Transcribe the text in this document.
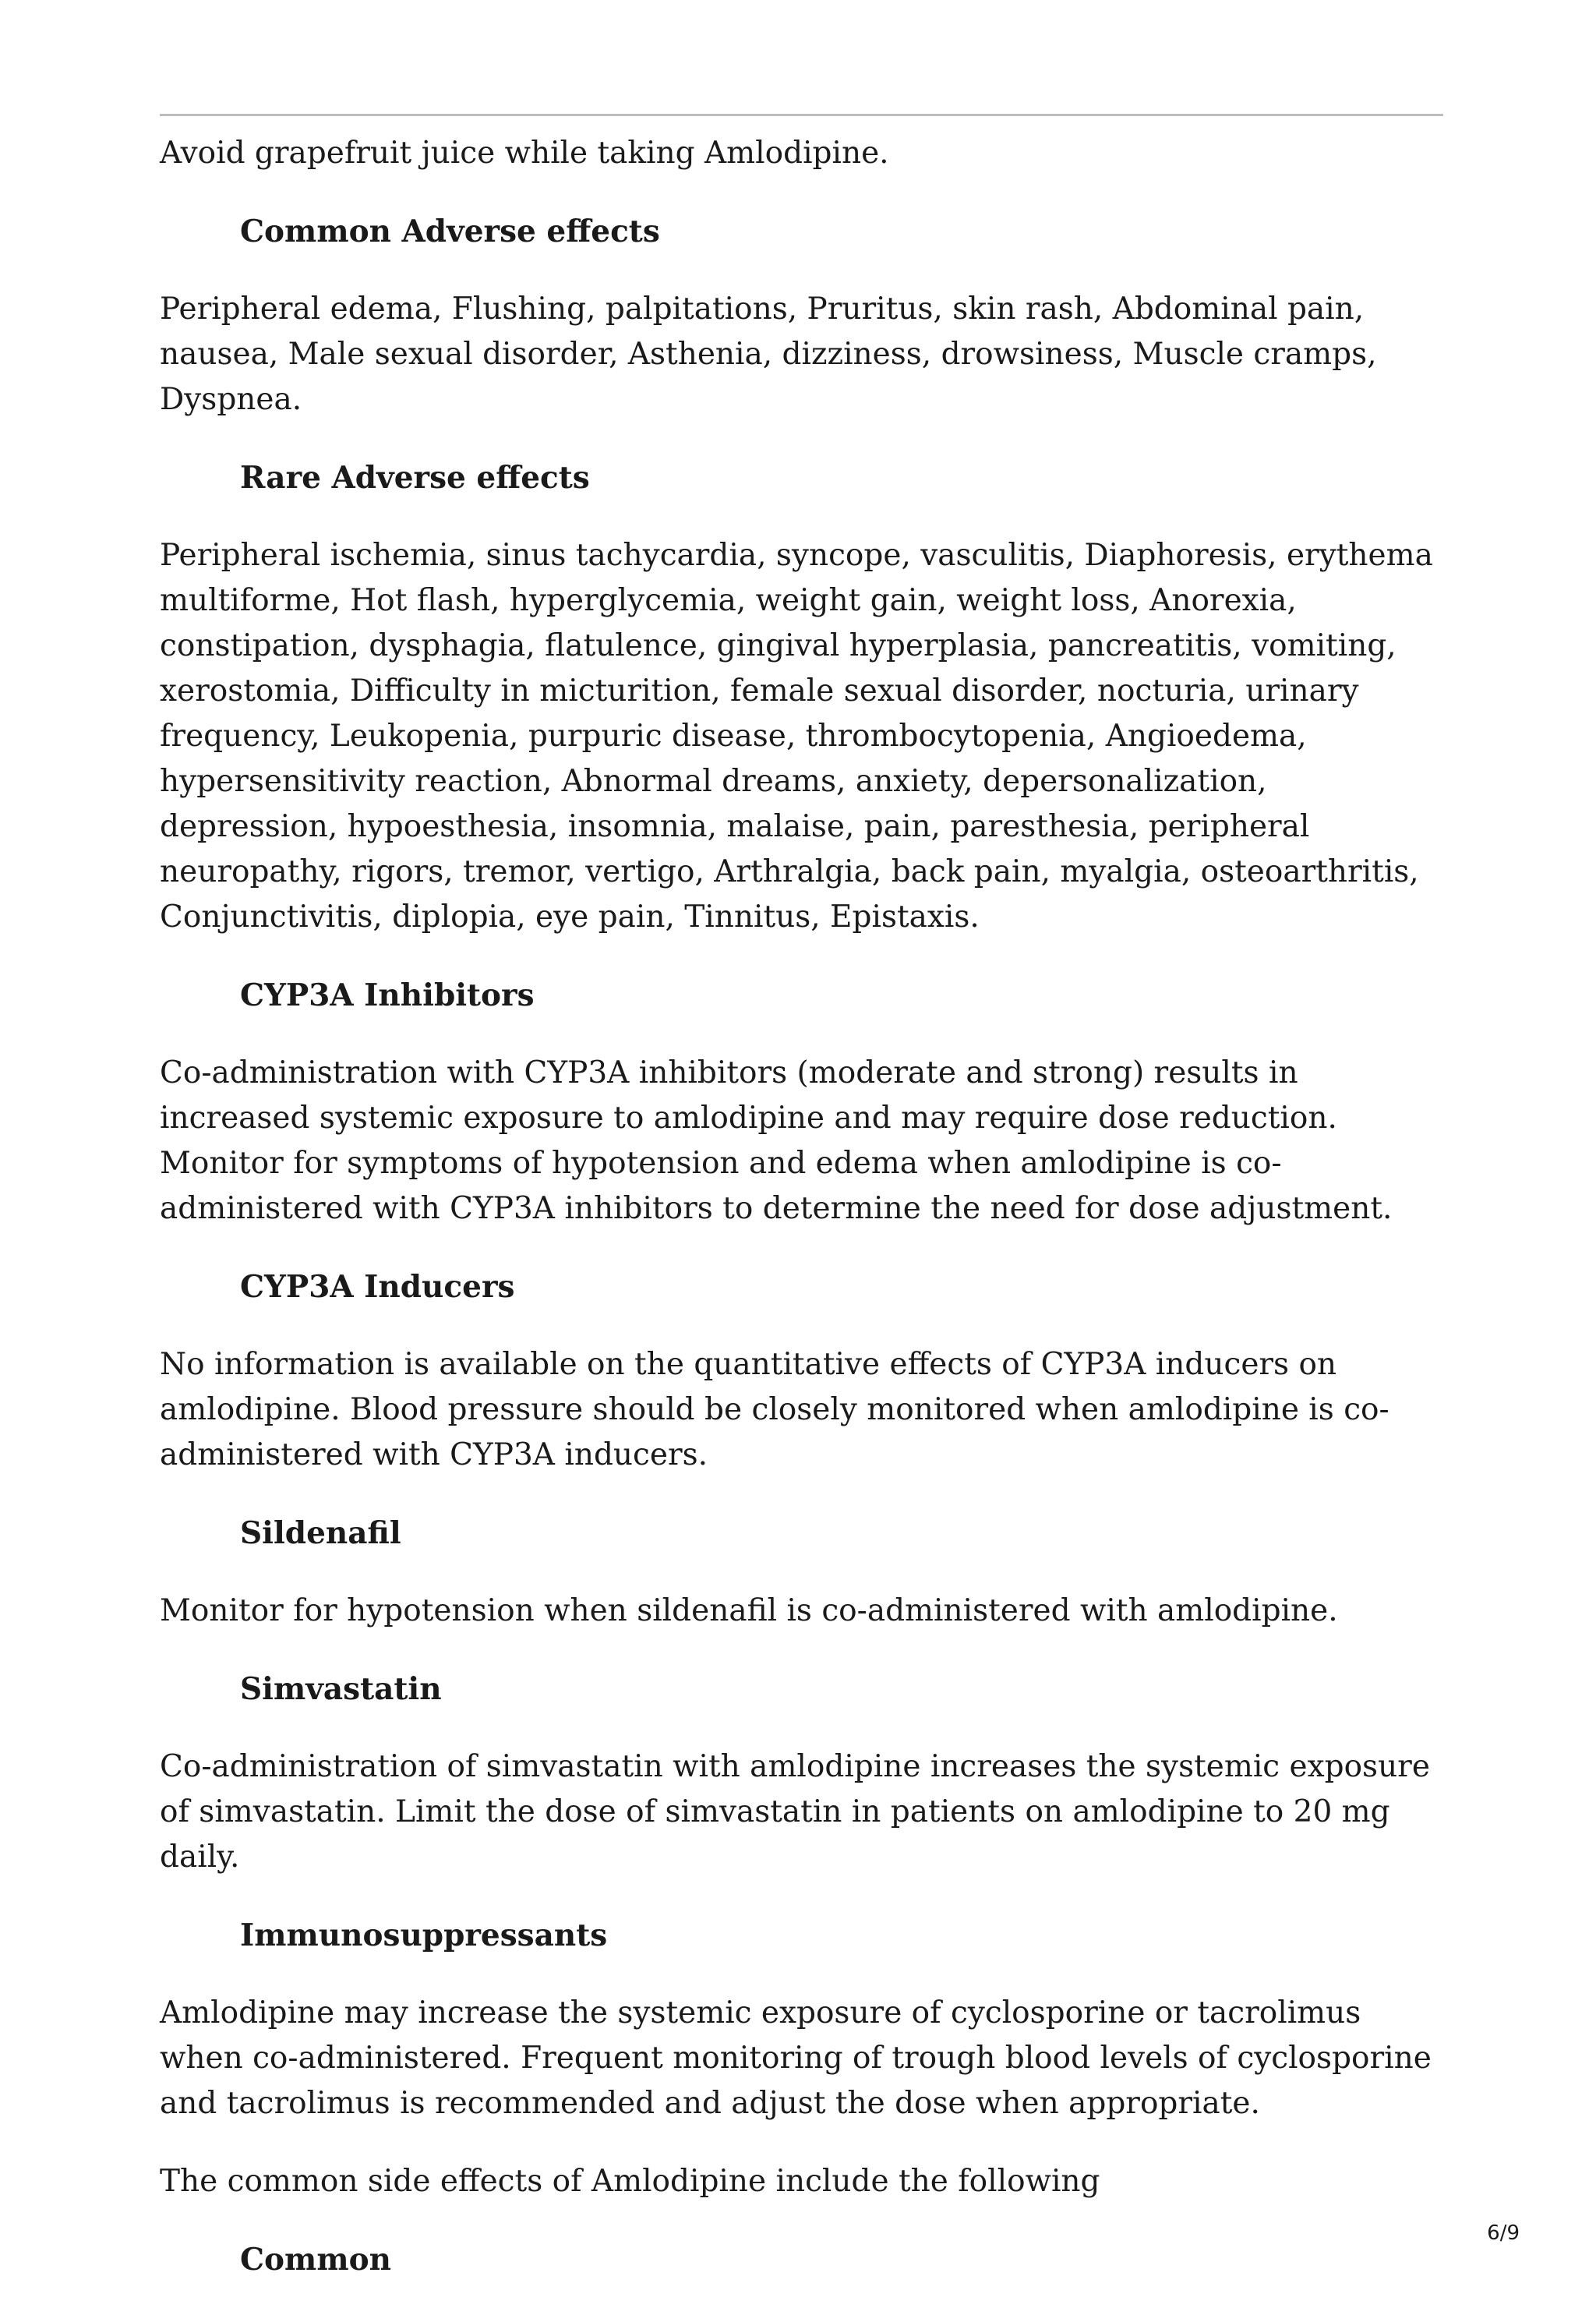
Avoid grapefruit juice while taking Amlodipine.

Common Adverse effects

Peripheral edema, Flushing, palpitations, Pruritus, skin rash, Abdominal pain, nausea, Male sexual disorder, Asthenia, dizziness, drowsiness, Muscle cramps, Dyspnea.

Rare Adverse effects

Peripheral ischemia, sinus tachycardia, syncope, vasculitis, Diaphoresis, erythema multiforme, Hot flash, hyperglycemia, weight gain, weight loss, Anorexia, constipation, dysphagia, flatulence, gingival hyperplasia, pancreatitis, vomiting, xerostomia, Difficulty in micturition, female sexual disorder, nocturia, urinary frequency, Leukopenia, purpuric disease, thrombocytopenia, Angioedema, hypersensitivity reaction, Abnormal dreams, anxiety, depersonalization, depression, hypoesthesia, insomnia, malaise, pain, paresthesia, peripheral neuropathy, rigors, tremor, vertigo, Arthralgia, back pain, myalgia, osteoarthritis, Conjunctivitis, diplopia, eye pain, Tinnitus, Epistaxis.

CYP3A Inhibitors

Co-administration with CYP3A inhibitors (moderate and strong) results in increased systemic exposure to amlodipine and may require dose reduction. Monitor for symptoms of hypotension and edema when amlodipine is co-administered with CYP3A inhibitors to determine the need for dose adjustment.

CYP3A Inducers

No information is available on the quantitative effects of CYP3A inducers on amlodipine. Blood pressure should be closely monitored when amlodipine is co-administered with CYP3A inducers.

Sildenafil

Monitor for hypotension when sildenafil is co-administered with amlodipine.

Simvastatin

Co-administration of simvastatin with amlodipine increases the systemic exposure of simvastatin. Limit the dose of simvastatin in patients on amlodipine to 20 mg daily.

Immunosuppressants

Amlodipine may increase the systemic exposure of cyclosporine or tacrolimus when co-administered. Frequent monitoring of trough blood levels of cyclosporine and tacrolimus is recommended and adjust the dose when appropriate.

The common side effects of Amlodipine include the following

Common

6/9
